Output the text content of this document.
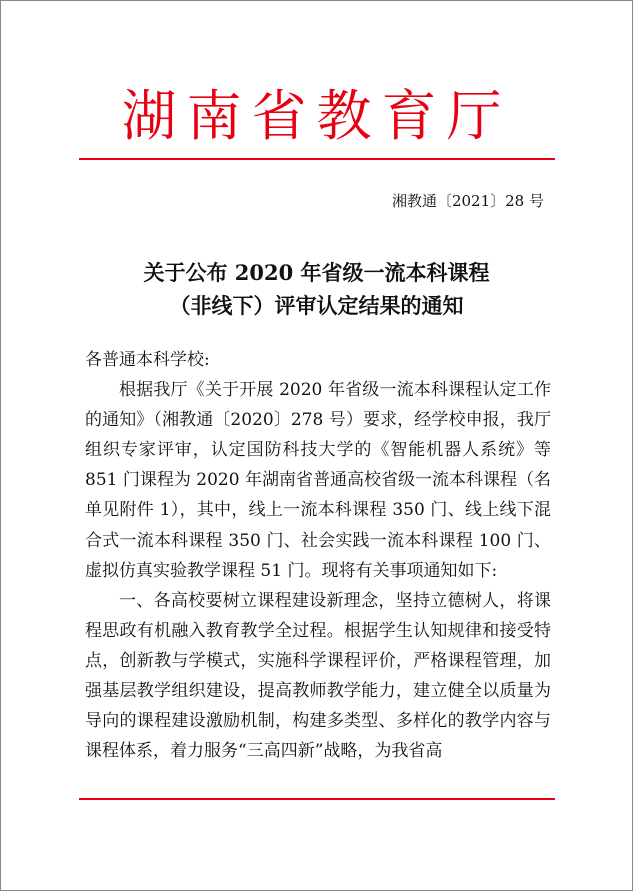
湖南省教育厅
湘教通〔2021〕28 号
关于公布 2020 年省级一流本科课程
（非线下）评审认定结果的通知

各普通本科学校:

根据我厅《关于开展 2020 年省级一流本科课程认定工作的通知》（湘教通〔2020〕278 号）要求，经学校申报，我厅组织专家评审，认定国防科技大学的《智能机器人系统》等 851 门课程为 2020 年湖南省普通高校省级一流本科课程（名单见附件 1），其中，线上一流本科课程 350 门、线上线下混合式一流本科课程 350 门、社会实践一流本科课程 100 门、虚拟仿真实验教学课程 51 门。现将有关事项通知如下:

一、各高校要树立课程建设新理念，坚持立德树人，将课程思政有机融入教育教学全过程。根据学生认知规律和接受特点，创新教与学模式，实施科学课程评价，严格课程管理，加强基层教学组织建设，提高教师教学能力，建立健全以质量为导向的课程建设激励机制，构建多类型、多样化的教学内容与课程体系，着力服务“三高四新”战略，为我省高
